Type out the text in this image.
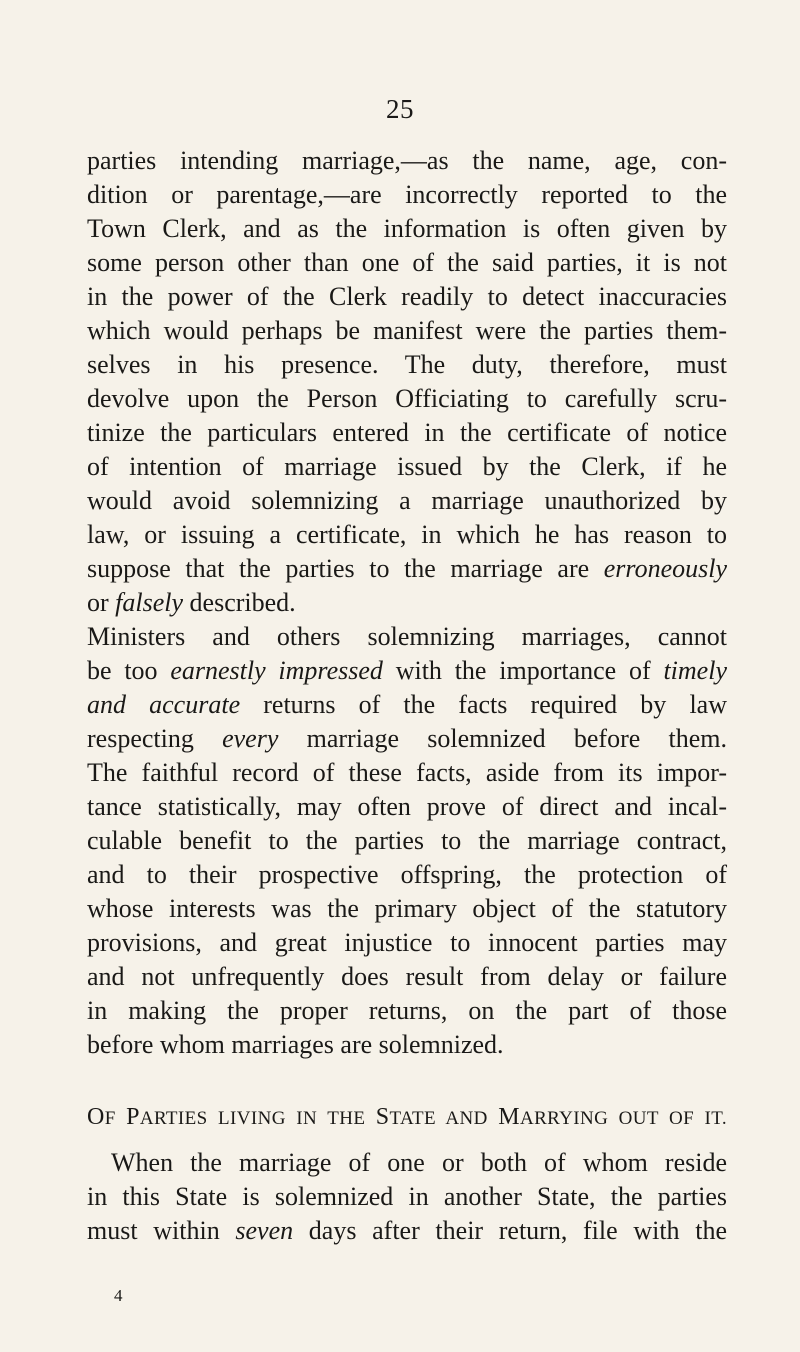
25
parties intending marriage,—as the name, age, con-
dition or parentage,—are incorrectly reported to the
Town Clerk, and as the information is often given by
some person other than one of the said parties, it is not
in the power of the Clerk readily to detect inaccuracies
which would perhaps be manifest were the parties them-
selves in his presence. The duty, therefore, must
devolve upon the Person Officiating to carefully scru-
tinize the particulars entered in the certificate of notice
of intention of marriage issued by the Clerk, if he
would avoid solemnizing a marriage unauthorized by
law, or issuing a certificate, in which he has reason to
suppose that the parties to the marriage are erroneously
or falsely described.
Ministers and others solemnizing marriages, cannot
be too earnestly impressed with the importance of timely
and accurate returns of the facts required by law
respecting every marriage solemnized before them.
The faithful record of these facts, aside from its impor-
tance statistically, may often prove of direct and incal-
culable benefit to the parties to the marriage contract,
and to their prospective offspring, the protection of
whose interests was the primary object of the statutory
provisions, and great injustice to innocent parties may
and not unfrequently does result from delay or failure
in making the proper returns, on the part of those
before whom marriages are solemnized.
OF PARTIES LIVING IN THE STATE AND MARRYING OUT OF IT.
When the marriage of one or both of whom reside
in this State is solemnized in another State, the parties
must within seven days after their return, file with the
4
